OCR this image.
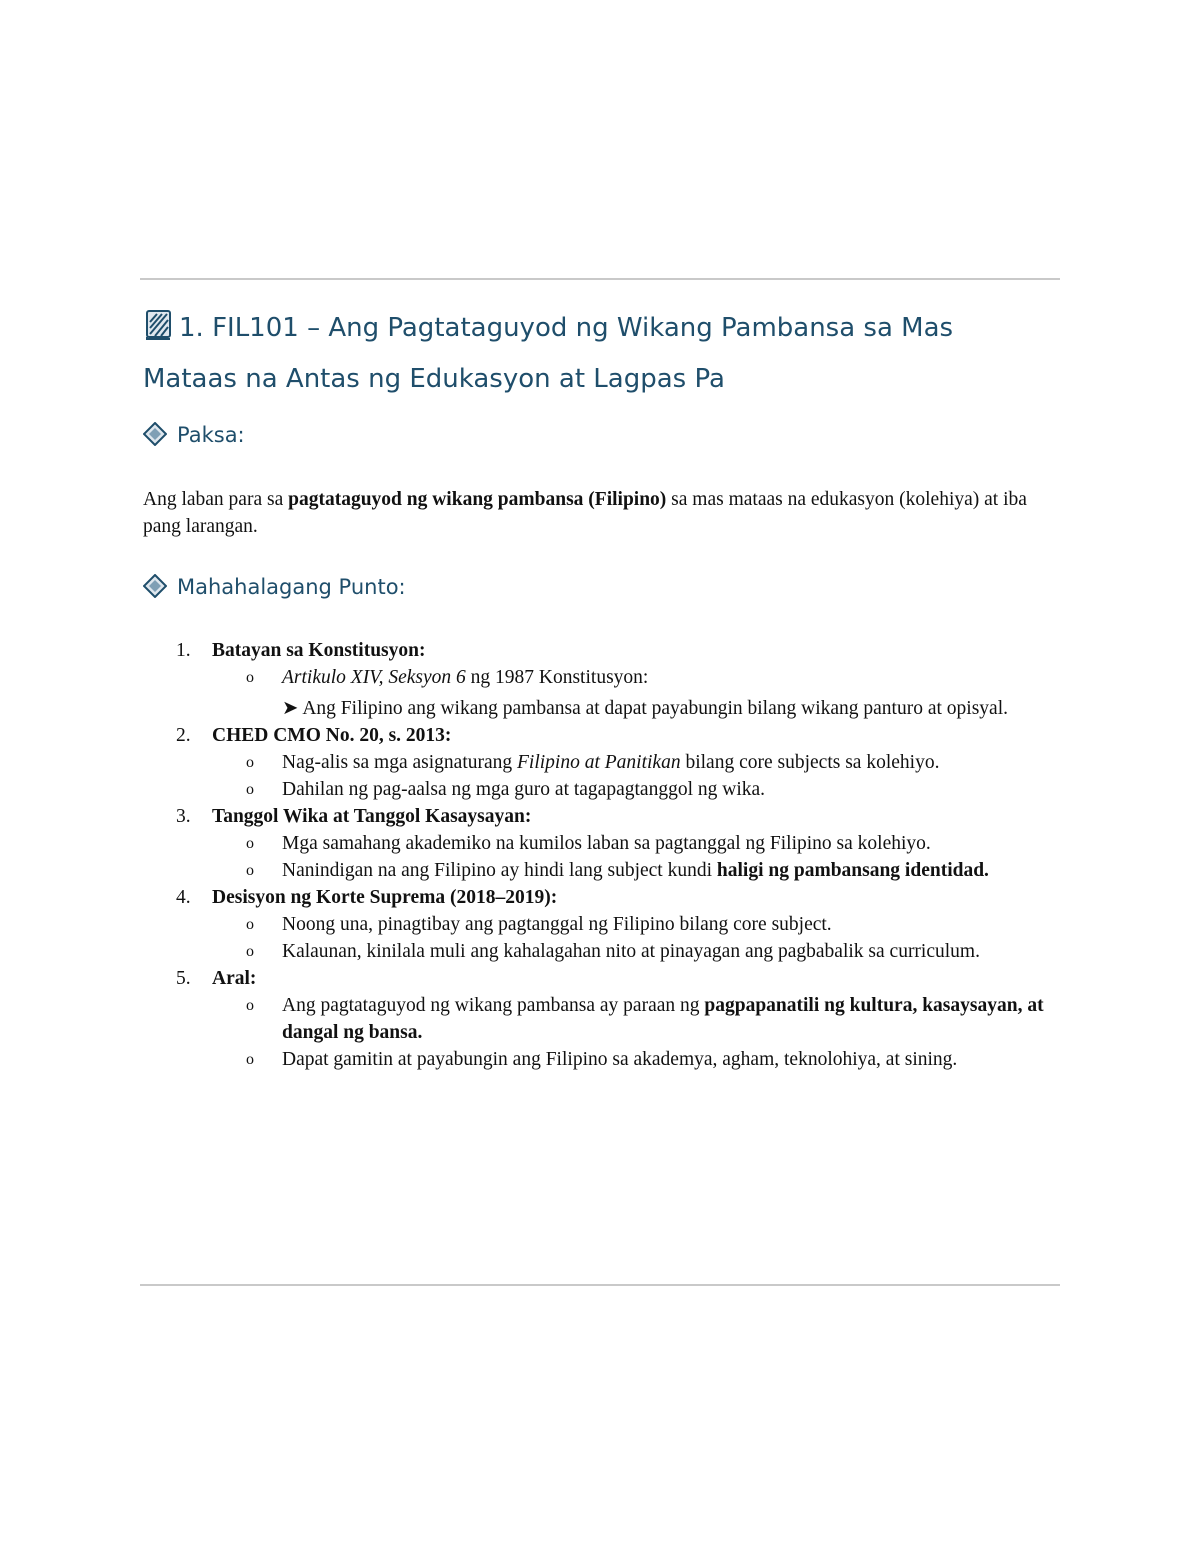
1. FIL101 – Ang Pagtataguyod ng Wikang Pambansa sa Mas Mataas na Antas ng Edukasyon at Lagpas Pa
Paksa:

Ang laban para sa pagtataguyod ng wikang pambansa (Filipino) sa mas mataas na edukasyon (kolehiya) at iba pang larangan.

Mahahalagang Punto:
1. Batayan sa Konstitusyon:
o Artikulo XIV, Seksyon 6 ng 1987 Konstitusyon:
➤ Ang Filipino ang wikang pambansa at dapat payabungin bilang wikang panturo at opisyal.
2. CHED CMO No. 20, s. 2013:
o Nag-alis sa mga asignaturang Filipino at Panitikan bilang core subjects sa kolehiyo.
o Dahilan ng pag-aalsa ng mga guro at tagapagtanggol ng wika.
3. Tanggol Wika at Tanggol Kasaysayan:
o Mga samahang akademiko na kumilos laban sa pagtanggal ng Filipino sa kolehiyo.
o Nanindigan na ang Filipino ay hindi lang subject kundi haligi ng pambansang identidad.
4. Desisyon ng Korte Suprema (2018–2019):
o Noong una, pinagtibay ang pagtanggal ng Filipino bilang core subject.
o Kalaunan, kinilala muli ang kahalagahan nito at pinayagan ang pagbabalik sa curriculum.
5. Aral:
o Ang pagtataguyod ng wikang pambansa ay paraan ng pagpapanatili ng kultura, kasaysayan, at dangal ng bansa.
o Dapat gamitin at payabungin ang Filipino sa akademya, agham, teknolohiya, at sining.
